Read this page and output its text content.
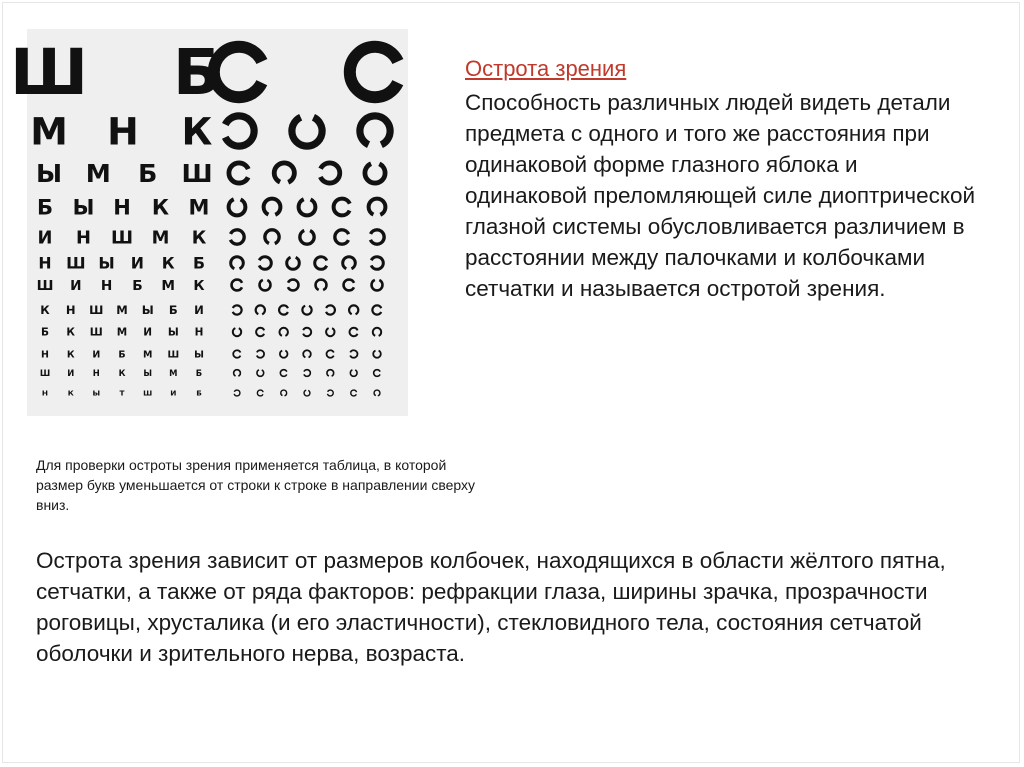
Ш Б
М Н К
Ы М Б Ш
Б Ы Н К М
И Н Ш М К
Н Ш Ы И К Б
Ш И Н Б М К
К Н Ш М Ы Б И
Б К Ш М И Ы Н
Н К И Б М Ш Ы
Ш И Н К Ы М Б
Н	К	Ы	Т	Ш И	Б
Острота зрения

Способность различных людей видеть детали предмета с одного и того же расстояния при одинаковой форме глазного яблока и одинаковой преломляющей силе диоптрической глазной системы обусловливается различием в расстоянии между палочками и колбочками сетчатки и называется остротой зрения.

Для проверки остроты зрения применяется таблица, в которой размер букв уменьшается от строки к строке в направлении сверху вниз.

Острота зрения зависит от размеров колбочек, находящихся в области жёлтого пятна, сетчатки, а также от ряда факторов: рефракции глаза, ширины зрачка, прозрачности роговицы, хрусталика (и его эластичности), стекловидного тела, состояния сетчатой оболочки и зрительного нерва, возраста.
